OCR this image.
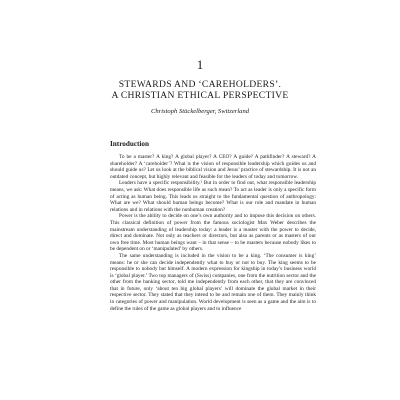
1
STEWARDS AND ‘CAREHOLDERS’.
A CHRISTIAN ETHICAL PERSPECTIVE
Christoph Stückelberger, Switzerland
Introduction

To be a master? A king? A global player? A CEO? A guide? A pathfinder? A steward? A shareholder? A ‘careholder’? What is the vision of responsible leadership which guides us and should guide us? Let us look at the biblical vision and Jesus’ practice of stewardship. It is not an outdated concept, but highly relevant and feasible for the leaders of today and tomorrow.

Leaders have a specific responsibility.¹ But in order to find out, what responsible leadership means, we ask: What does responsible life as such mean? To act as leader is only a specific form of acting as human being. This leads us straight to the fundamental question of anthropology: What are we? What should human beings become? What is our role and mandate in human relations and in relations with the nonhuman creation?

Power is the ability to decide on one’s own authority and to impose this decision on others. This classical definition of power from the famous sociologist Max Weber describes the mainstream understanding of leadership today: a leader is a master with the power to decide, direct and dominate. Not only as teachers or directors, but also as parents or as masters of our own free time. Most human beings want – in that sense – to be masters because nobody likes to be dependent on or ‘manipulated’ by others.

The same understanding is included in the vision to be a king. ‘The consumer is king’ means: he or she can decide independently what to buy or not to buy. The king seems to be responsible to nobody but himself. A modern expression for kingship in today’s business world is ‘global player.’ Two top managers of (Swiss) companies, one from the nutrition sector and the other from the banking sector, told me independently from each other, that they are convinced that in future, only ‘about ten big global players’ will dominate the global market in their respective sector. They stated that they intend to be and remain one of them. They mainly think in categories of power and manipulation. World development is seen as a game and the aim is to define the rules of the game as global players and to influence
